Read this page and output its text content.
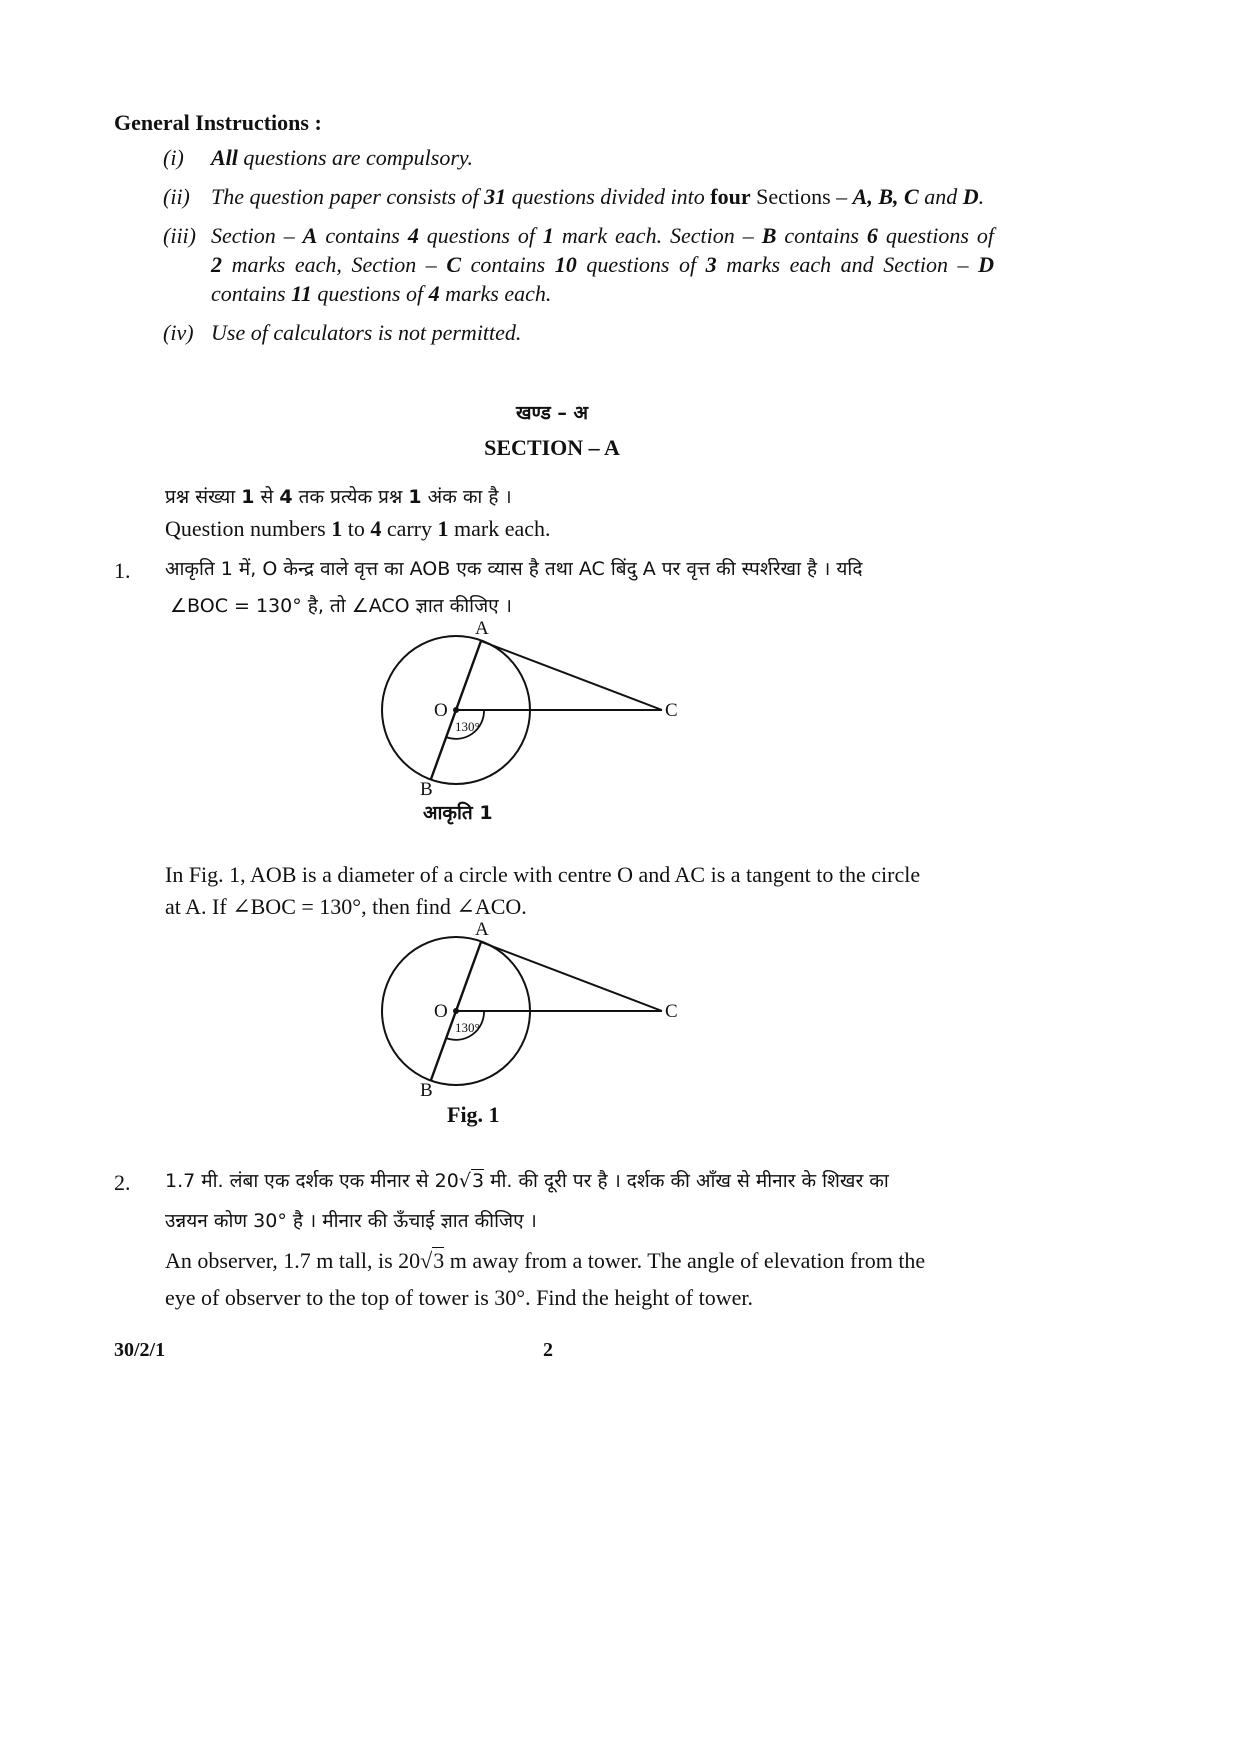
General Instructions :
(i) All questions are compulsory.
(ii) The question paper consists of 31 questions divided into four Sections – A, B, C and D.
(iii) Section – A contains 4 questions of 1 mark each. Section – B contains 6 questions of
2 marks each, Section – C contains 10 questions of 3 marks each and Section – D
contains 11 questions of 4 marks each.
(iv) Use of calculators is not permitted.
खण्ड – अ
SECTION – A
प्रश्न संख्या 1 से 4 तक प्रत्येक प्रश्न 1 अंक का है ।
Question numbers 1 to 4 carry 1 mark each.
1. आकृति 1 में, O केन्द्र वाले वृत्त का AOB एक व्यास है तथा AC बिंदु A पर वृत्त की स्पर्शरेखा है । यदि
∠BOC = 130° है, तो ∠ACO ज्ञात कीजिए ।
A
O	C
B
130°
आकृति 1
In Fig. 1, AOB is a diameter of a circle with centre O and AC is a tangent to the circle
at A. If ∠BOC = 130°, then find ∠ACO.
A
O	C
B
130°
Fig. 1
2. 1.7 मी. लंबा एक दर्शक एक मीनार से 20√3 मी. की दूरी पर है । दर्शक की आँख से मीनार के शिखर का
उन्नयन कोण 30° है । मीनार की ऊँचाई ज्ञात कीजिए ।
An observer, 1.7 m tall, is 20√3 m away from a tower. The angle of elevation from the
eye of observer to the top of tower is 30°. Find the height of tower.
30/2/1	2
